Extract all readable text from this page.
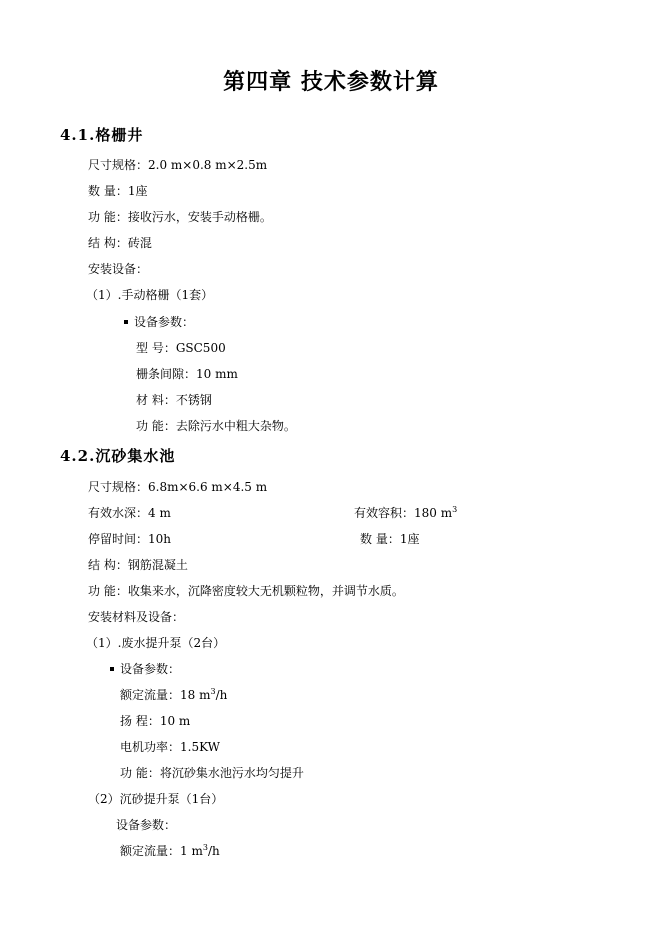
第四章 技术参数计算
4.1.格栅井
尺寸规格：2.0 m×0.8 m×2.5m
数 量：1座
功 能：接收污水，安装手动格栅。
结 构：砖混
安装设备：
（1）.手动格栅（1套）
设备参数：
型 号：GSC500
栅条间隙：10 mm
材 料：不锈钢
功 能：去除污水中粗大杂物。
4.2.沉砂集水池
尺寸规格：6.8m×6.6 m×4.5 m
有效水深：4 m	有效容积：180 $m^3$
停留时间：10h	数 量：1座
结 构：钢筋混凝土
功 能：收集来水，沉降密度较大无机颗粒物，并调节水质。
安装材料及设备：
（1）.废水提升泵（2台）
设备参数：
额定流量：18 $m^3/h$
扬 程：10 m
电机功率：1.5KW
功 能：将沉砂集水池污水均匀提升
（2）沉砂提升泵（1台）
设备参数：
额定流量：1 $m^3/h$
